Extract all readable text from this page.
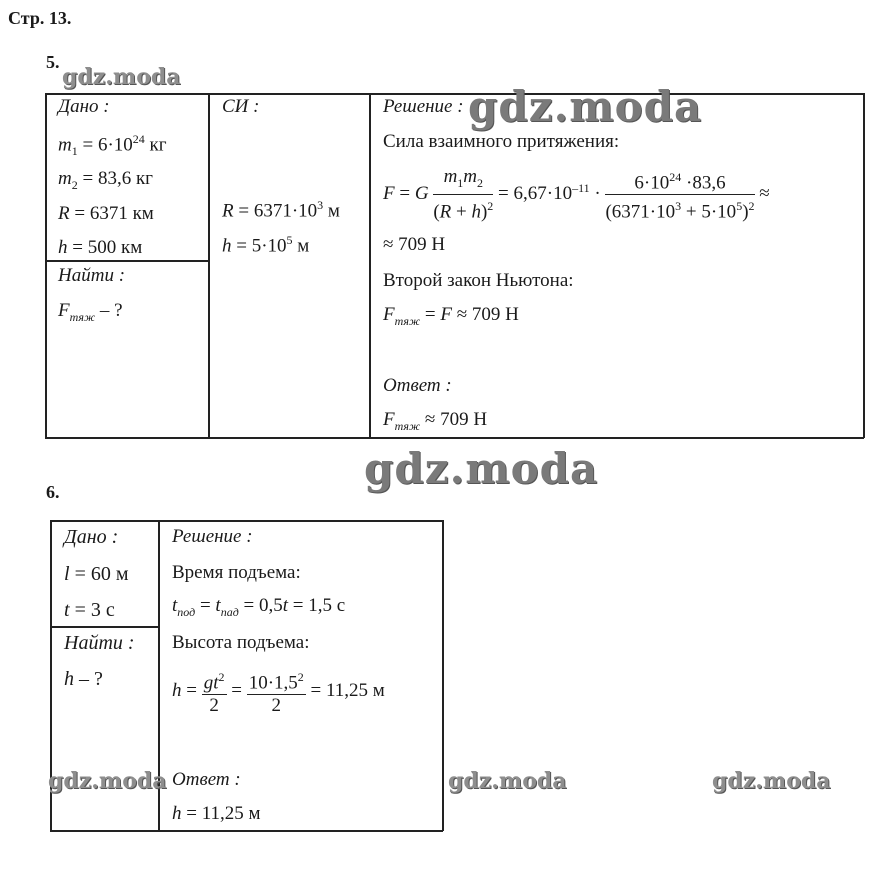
Стр. 13.
5.
Дано :
$m_1 = 6\cdot 10^{24}$ кг
$m_2 = 83,6$ кг
R = 6371 км
h = 500 км
Найти :
$F_{тяж}$ – ?
СИ :
$R = 6371\cdot 10^3$ м
$h = 5\cdot 10^5$ м
Решение :
Сила взаимного притяжения:
F = G $\frac{m_1m_2}{(R + h)^2} = 6,67\cdot 10^{-11} \cdot \frac{6\cdot 10^{24} \cdot 83,6}{(6371\cdot 10^3 + 5\cdot 10^5)^2}$ ≈
≈ 709 Н
Второй закон Ньютона:
$F_{тяж} = F \approx 709$ Н
Ответ :
$F_{тяж} \approx 709$ Н
6.
Дано :
l = 60 м
t = 3 с
Найти :
h – ?
Решение :
Время подъема:
$t_{под} = t_{пад} = 0,5t = 1,5$ с
Высота подъема:
$h = \frac{gt^2}{2} = \frac{10\cdot 1,5^2}{2} = 11,25$ м
Ответ :
h = 11,25 м
gdz.moda
gdz.moda
gdz.moda
gdz.moda	gdz.moda	gdz.moda
